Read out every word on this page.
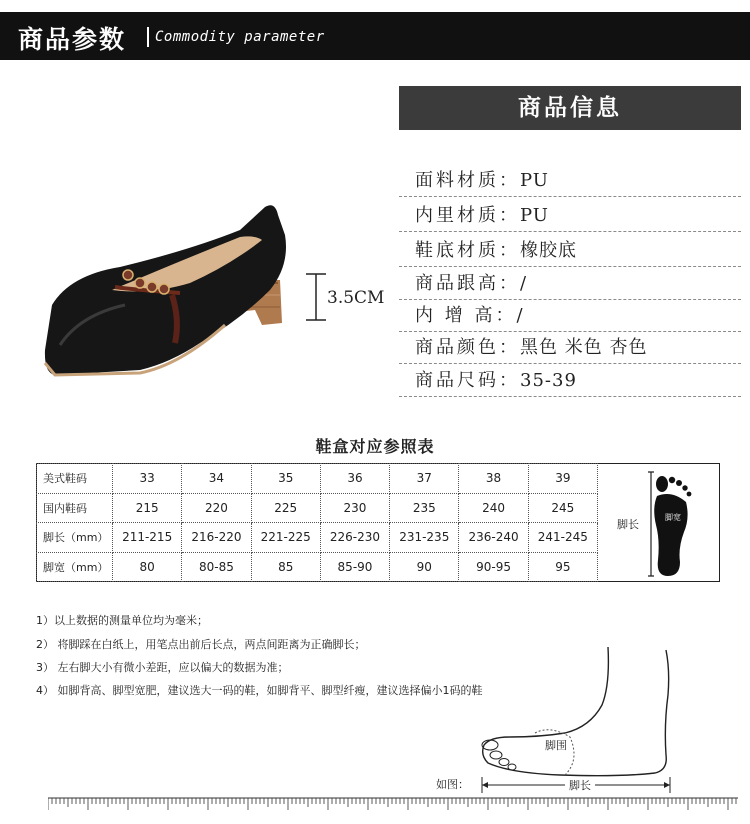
商品参数 Commodity parameter
3.5CM
商品信息
面料材质：PU
内里材质：PU
鞋底材质：橡胶底
商品跟高：/
内 增 高：/
商品颜色：黑色 米色 杏色
商品尺码：35-39
鞋盒对应参照表
美式鞋码	33	34	35	36	37	38	39
国内鞋码	215	220	225	230	235	240	245
脚长（mm）	211-215	216-220	221-225	226-230	231-235	236-240	241-245
脚宽（mm）	80	80-85	85	85-90	90	90-95	95
脚长
脚宽
1）以上数据的测量单位均为毫米；
2） 将脚踩在白纸上，用笔点出前后长点，两点间距离为正确脚长；
3） 左右脚大小有微小差距，应以偏大的数据为准；
4） 如脚背高、脚型宽肥，建议选大一码的鞋，如脚背平、脚型纤瘦，建议选择偏小1码的鞋
脚围
脚长
如图：
